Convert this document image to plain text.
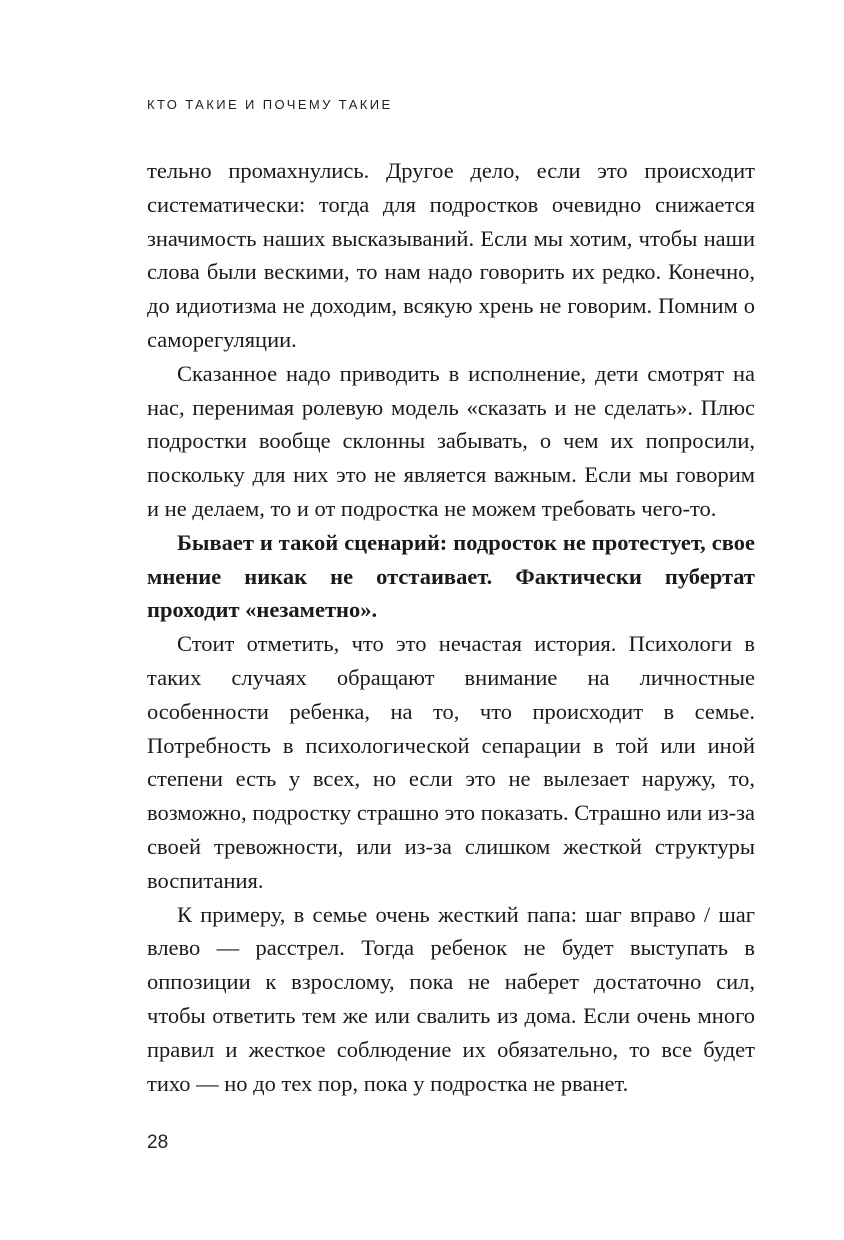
КТО ТАКИЕ И ПОЧЕМУ ТАКИЕ

тельно промахнулись. Другое дело, если это происходит систематически: тогда для подростков очевидно снижается значимость наших высказываний. Если мы хотим, чтобы наши слова были вескими, то нам надо говорить их редко. Конечно, до идиотизма не доходим, всякую хрень не говорим. Помним о саморегуляции.

Сказанное надо приводить в исполнение, дети смотрят на нас, перенимая ролевую модель «сказать и не сделать». Плюс подростки вообще склонны забывать, о чем их попросили, поскольку для них это не является важным. Если мы говорим и не делаем, то и от подростка не можем требовать чего-то.

Бывает и такой сценарий: подросток не протестует, свое мнение никак не отстаивает. Фактически пубертат проходит «незаметно».

Стоит отметить, что это нечастая история. Психологи в таких случаях обращают внимание на личностные особенности ребенка, на то, что происходит в семье. Потребность в психологической сепарации в той или иной степени есть у всех, но если это не вылезает наружу, то, возможно, подростку страшно это показать. Страшно или из-за своей тревожности, или из-за слишком жесткой структуры воспитания.

К примеру, в семье очень жесткий папа: шаг вправо / шаг влево — расстрел. Тогда ребенок не будет выступать в оппозиции к взрослому, пока не наберет достаточно сил, чтобы ответить тем же или свалить из дома. Если очень много правил и жесткое соблюдение их обязательно, то все будет тихо — но до тех пор, пока у подростка не рванет.

28
